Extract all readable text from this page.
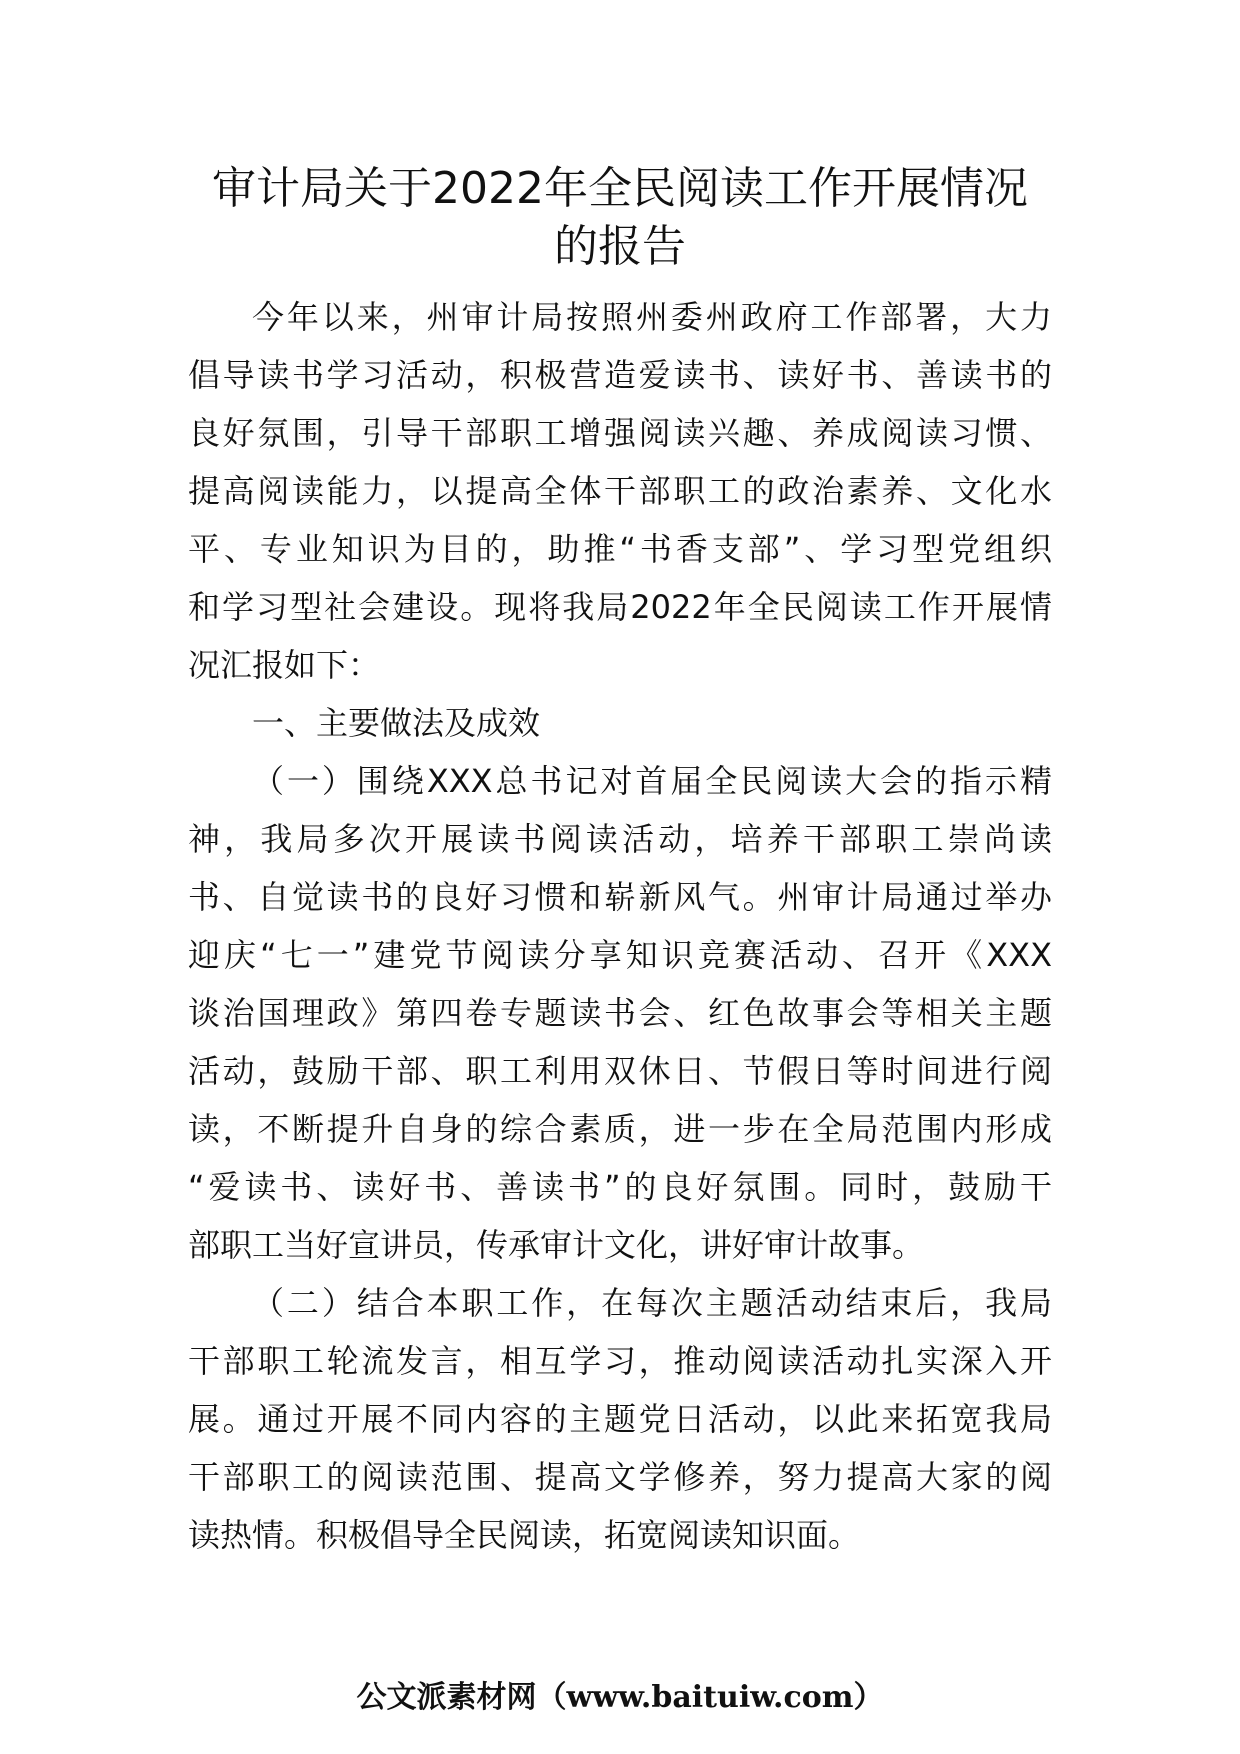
审计局关于2022年全民阅读工作开展情况
的报告
今年以来，州审计局按照州委州政府工作部署，大力
倡导读书学习活动，积极营造爱读书、读好书、善读书的
良好氛围，引导干部职工增强阅读兴趣、养成阅读习惯、
提高阅读能力，以提高全体干部职工的政治素养、文化水
平、专业知识为目的，助推“书香支部”、学习型党组织
和学习型社会建设。现将我局2022年全民阅读工作开展情
况汇报如下：
一、主要做法及成效
（一）围绕XXX总书记对首届全民阅读大会的指示精
神，我局多次开展读书阅读活动，培养干部职工崇尚读
书、自觉读书的良好习惯和崭新风气。州审计局通过举办
迎庆“七一”建党节阅读分享知识竞赛活动、召开《XXX
谈治国理政》第四卷专题读书会、红色故事会等相关主题
活动，鼓励干部、职工利用双休日、节假日等时间进行阅
读，不断提升自身的综合素质，进一步在全局范围内形成
“爱读书、读好书、善读书”的良好氛围。同时，鼓励干
部职工当好宣讲员，传承审计文化，讲好审计故事。
（二）结合本职工作，在每次主题活动结束后，我局
干部职工轮流发言，相互学习，推动阅读活动扎实深入开
展。通过开展不同内容的主题党日活动，以此来拓宽我局
干部职工的阅读范围、提高文学修养，努力提高大家的阅
读热情。积极倡导全民阅读，拓宽阅读知识面。
公文派素材网（www.baituiw.com）
